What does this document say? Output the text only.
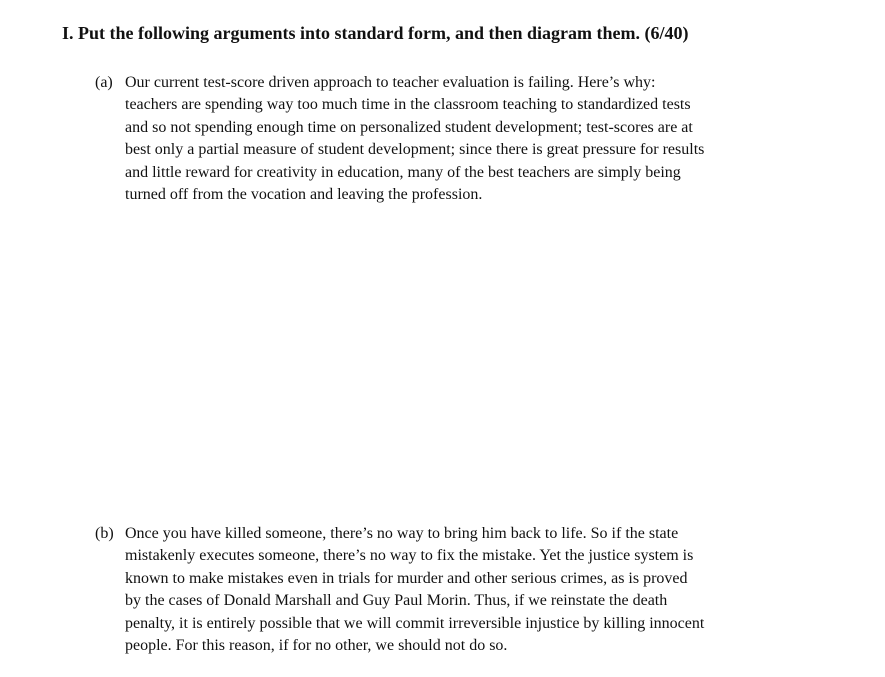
I. Put the following arguments into standard form, and then diagram them. (6/40)
(a) Our current test-score driven approach to teacher evaluation is failing. Here’s why:
teachers are spending way too much time in the classroom teaching to standardized tests
and so not spending enough time on personalized student development; test-scores are at
best only a partial measure of student development; since there is great pressure for results
and little reward for creativity in education, many of the best teachers are simply being
turned off from the vocation and leaving the profession.
(b) Once you have killed someone, there’s no way to bring him back to life. So if the state
mistakenly executes someone, there’s no way to fix the mistake. Yet the justice system is
known to make mistakes even in trials for murder and other serious crimes, as is proved
by the cases of Donald Marshall and Guy Paul Morin. Thus, if we reinstate the death
penalty, it is entirely possible that we will commit irreversible injustice by killing innocent
people. For this reason, if for no other, we should not do so.
